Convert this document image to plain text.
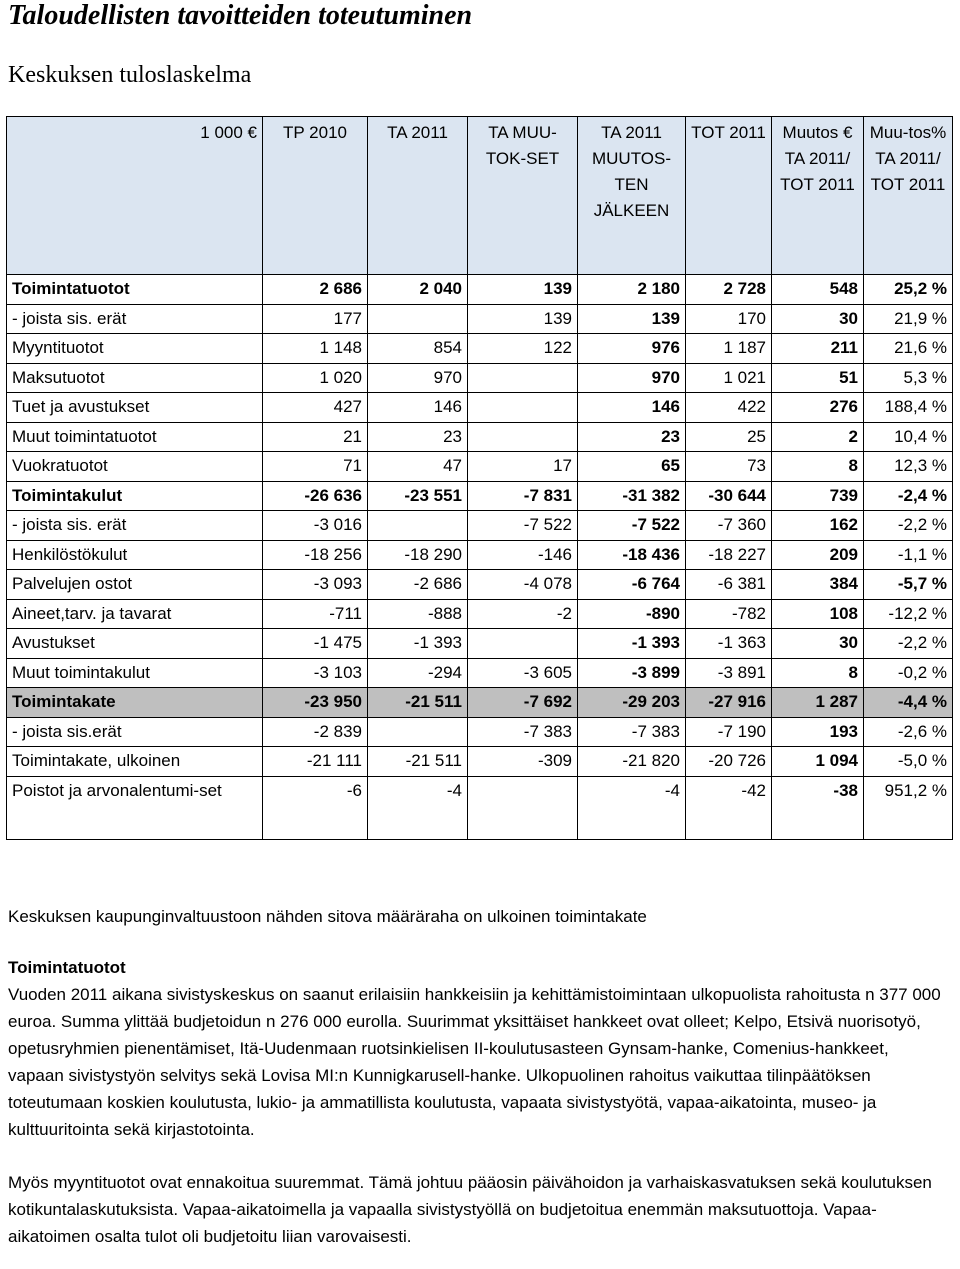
Taloudellisten tavoitteiden toteutuminen
Keskuksen tuloslaskelma
1 000 €	TP 2010	TA 2011	TA MUU-TOK-SET	TA 2011 MUUTOS-TEN JÄLKEEN	TOT 2011	Muutos € TA 2011/ TOT 2011	Muu-tos% TA 2011/ TOT 2011
Toimintatuotot	2 686	2 040	139	2 180	2 728	548	25,2 %
- joista sis. erät	177		139	139	170	30	21,9 %
Myyntituotot	1 148	854	122	976	1 187	211	21,6 %
Maksutuotot	1 020	970		970	1 021	51	5,3 %
Tuet ja avustukset	427	146		146	422	276	188,4 %
Muut toimintatuotot	21	23		23	25	2	10,4 %
Vuokratuotot	71	47	17	65	73	8	12,3 %
Toimintakulut	-26 636	-23 551	-7 831	-31 382	-30 644	739	-2,4 %
- joista sis. erät	-3 016		-7 522	-7 522	-7 360	162	-2,2 %
Henkilöstökulut	-18 256	-18 290	-146	-18 436	-18 227	209	-1,1 %
Palvelujen ostot	-3 093	-2 686	-4 078	-6 764	-6 381	384	-5,7 %
Aineet,tarv. ja tavarat	-711	-888	-2	-890	-782	108	-12,2 %
Avustukset	-1 475	-1 393		-1 393	-1 363	30	-2,2 %
Muut toimintakulut	-3 103	-294	-3 605	-3 899	-3 891	8	-0,2 %
Toimintakate	-23 950	-21 511	-7 692	-29 203	-27 916	1 287	-4,4 %
- joista sis.erät	-2 839		-7 383	-7 383	-7 190	193	-2,6 %
Toimintakate, ulkoinen	-21 111	-21 511	-309	-21 820	-20 726	1 094	-5,0 %
Poistot ja arvonalentumi-set	-6	-4		-4	-42	-38	951,2 %

Keskuksen kaupunginvaltuustoon nähden sitova määräraha on ulkoinen toimintakate

Toimintatuotot

Vuoden 2011 aikana sivistyskeskus on saanut erilaisiin hankkeisiin ja kehittämistoimintaan ulkopuolista rahoitusta n 377 000 euroa. Summa ylittää budjetoidun n 276 000 eurolla. Suurimmat yksittäiset hankkeet ovat olleet; Kelpo, Etsivä nuorisotyö, opetusryhmien pienentämiset, Itä-Uudenmaan ruotsinkielisen II-koulutusasteen Gynsam-hanke, Comenius-hankkeet, vapaan sivistystyön selvitys sekä Lovisa MI:n Kunnigkarusell-hanke. Ulkopuolinen rahoitus vaikuttaa tilinpäätöksen toteutumaan koskien koulutusta, lukio- ja ammatillista koulutusta, vapaata sivistystyötä, vapaa-aikatointa, museo- ja kulttuuritointa sekä kirjastotointa.

Myös myyntituotot ovat ennakoitua suuremmat. Tämä johtuu pääosin päivähoidon ja varhaiskasvatuksen sekä koulutuksen kotikuntalaskutuksista. Vapaa-aikatoimella ja vapaalla sivistystyöllä on budjetoitua enemmän maksutuottoja. Vapaa-aikatoimen osalta tulot oli budjetoitu liian varovaisesti.
